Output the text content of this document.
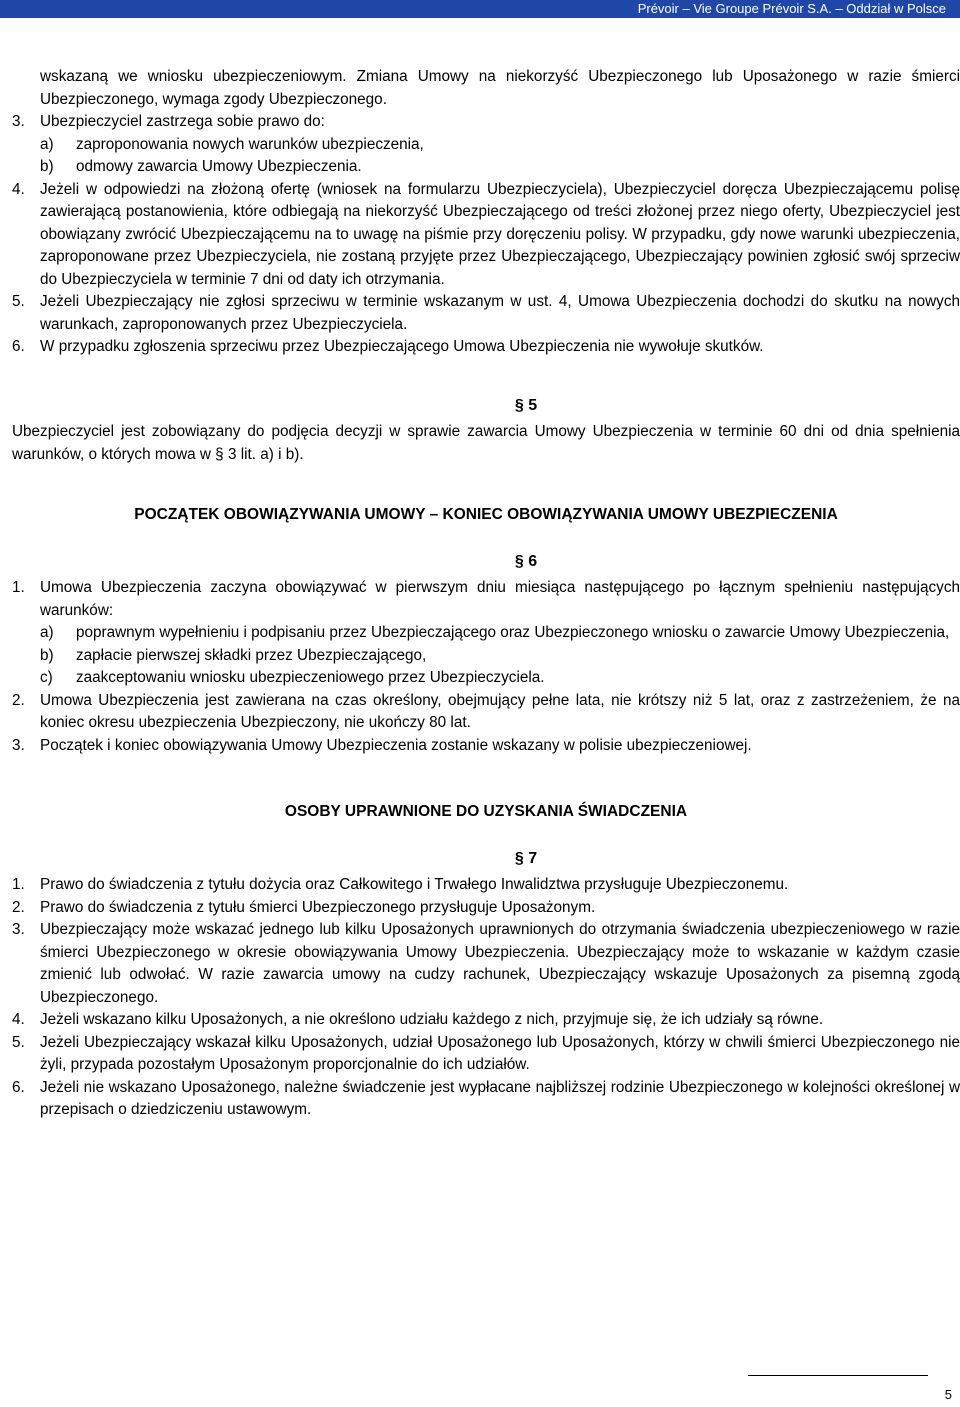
Prévoir – Vie Groupe Prévoir S.A. – Oddział w Polsce
wskazaną we wniosku ubezpieczeniowym. Zmiana Umowy na niekorzyść Ubezpieczonego lub Uposażonego w razie śmierci Ubezpieczonego, wymaga zgody Ubezpieczonego.
3. Ubezpieczyciel zastrzega sobie prawo do:
a)	zaproponowania nowych warunków ubezpieczenia,
b)	odmowy zawarcia Umowy Ubezpieczenia.
4. Jeżeli w odpowiedzi na złożoną ofertę (wniosek na formularzu Ubezpieczyciela), Ubezpieczyciel doręcza Ubezpieczającemu polisę zawierającą postanowienia, które odbiegają na niekorzyść Ubezpieczającego od treści złożonej przez niego oferty, Ubezpieczyciel jest obowiązany zwrócić Ubezpieczającemu na to uwagę na piśmie przy doręczeniu polisy. W przypadku, gdy nowe warunki ubezpieczenia, zaproponowane przez Ubezpieczyciela, nie zostaną przyjęte przez Ubezpieczającego, Ubezpieczający powinien zgłosić swój sprzeciw do Ubezpieczyciela w terminie 7 dni od daty ich otrzymania.
5. Jeżeli Ubezpieczający nie zgłosi sprzeciwu w terminie wskazanym w ust. 4, Umowa Ubezpieczenia dochodzi do skutku na nowych warunkach, zaproponowanych przez Ubezpieczyciela.
6. W przypadku zgłoszenia sprzeciwu przez Ubezpieczającego Umowa Ubezpieczenia nie wywołuje skutków.
§ 5
Ubezpieczyciel jest zobowiązany do podjęcia decyzji w sprawie zawarcia Umowy Ubezpieczenia w terminie 60 dni od dnia spełnienia warunków, o których mowa w § 3 lit. a) i b).
POCZĄTEK OBOWIĄZYWANIA UMOWY – KONIEC OBOWIĄZYWANIA UMOWY UBEZPIECZENIA
§ 6
1. Umowa Ubezpieczenia zaczyna obowiązywać w pierwszym dniu miesiąca następującego po łącznym spełnieniu następujących warunków:
a)	poprawnym wypełnieniu i podpisaniu przez Ubezpieczającego oraz Ubezpieczonego wniosku o zawarcie Umowy Ubezpieczenia,
b)	zapłacie pierwszej składki przez Ubezpieczającego,
c)	zaakceptowaniu wniosku ubezpieczeniowego przez Ubezpieczyciela.
2. Umowa Ubezpieczenia jest zawierana na czas określony, obejmujący pełne lata, nie krótszy niż 5 lat, oraz z zastrzeżeniem, że na koniec okresu ubezpieczenia Ubezpieczony, nie ukończy 80 lat.
3. Początek i koniec obowiązywania Umowy Ubezpieczenia zostanie wskazany w polisie ubezpieczeniowej.
OSOBY UPRAWNIONE DO UZYSKANIA ŚWIADCZENIA
§ 7
1. Prawo do świadczenia z tytułu dożycia oraz Całkowitego i Trwałego Inwalidztwa przysługuje Ubezpieczonemu.
2. Prawo do świadczenia z tytułu śmierci Ubezpieczonego przysługuje Uposażonym.
3. Ubezpieczający może wskazać jednego lub kilku Uposażonych uprawnionych do otrzymania świadczenia ubezpieczeniowego w razie śmierci Ubezpieczonego w okresie obowiązywania Umowy Ubezpieczenia. Ubezpieczający może to wskazanie w każdym czasie zmienić lub odwołać. W razie zawarcia umowy na cudzy rachunek, Ubezpieczający wskazuje Uposażonych za pisemną zgodą Ubezpieczonego.
4. Jeżeli wskazano kilku Uposażonych, a nie określono udziału każdego z nich, przyjmuje się, że ich udziały są równe.
5. Jeżeli Ubezpieczający wskazał kilku Uposażonych, udział Uposażonego lub Uposażonych, którzy w chwili śmierci Ubezpieczonego nie żyli, przypada pozostałym Uposażonym proporcjonalnie do ich udziałów.
6. Jeżeli nie wskazano Uposażonego, należne świadczenie jest wypłacane najbliższej rodzinie Ubezpieczonego w kolejności określonej w przepisach o dziedziczeniu ustawowym.
5
